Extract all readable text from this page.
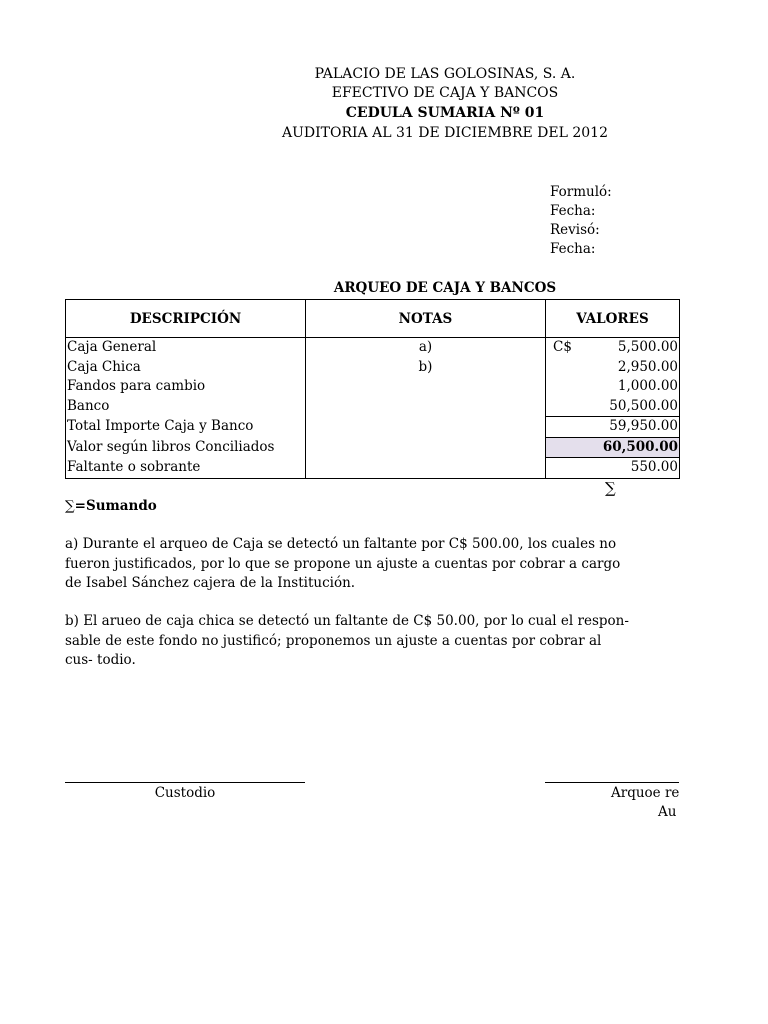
PALACIO DE LAS GOLOSINAS, S. A.
EFECTIVO DE CAJA Y BANCOS
CEDULA SUMARIA Nº 01
AUDITORIA AL 31 DE DICIEMBRE DEL 2012
Formuló:
Fecha:
Revisó:
Fecha:
ARQUEO DE CAJA Y BANCOS
DESCRIPCIÓN	NOTAS	VALORES
Caja General	a)	C$ 5,500.00
Caja Chica	b)	2,950.00
Fandos para cambio		1,000.00
Banco		50,500.00
Total Importe Caja y Banco		59,950.00
Valor según libros Conciliados		60,500.00
Faltante o sobrante		550.00
∑
∑=Sumando
a) Durante el arqueo de Caja se detectó un faltante por C$ 500.00, los cuales no fueron justificados, por lo que se propone un ajuste a cuentas por cobrar a cargo de Isabel Sánchez cajera de la Institución.
b) El arueo de caja chica se detectó un faltante de C$ 50.00, por lo cual el respon- sable de este fondo no justificó; proponemos un ajuste a cuentas por cobrar al cus- todio.
Custodio	Arquoe re
Au
